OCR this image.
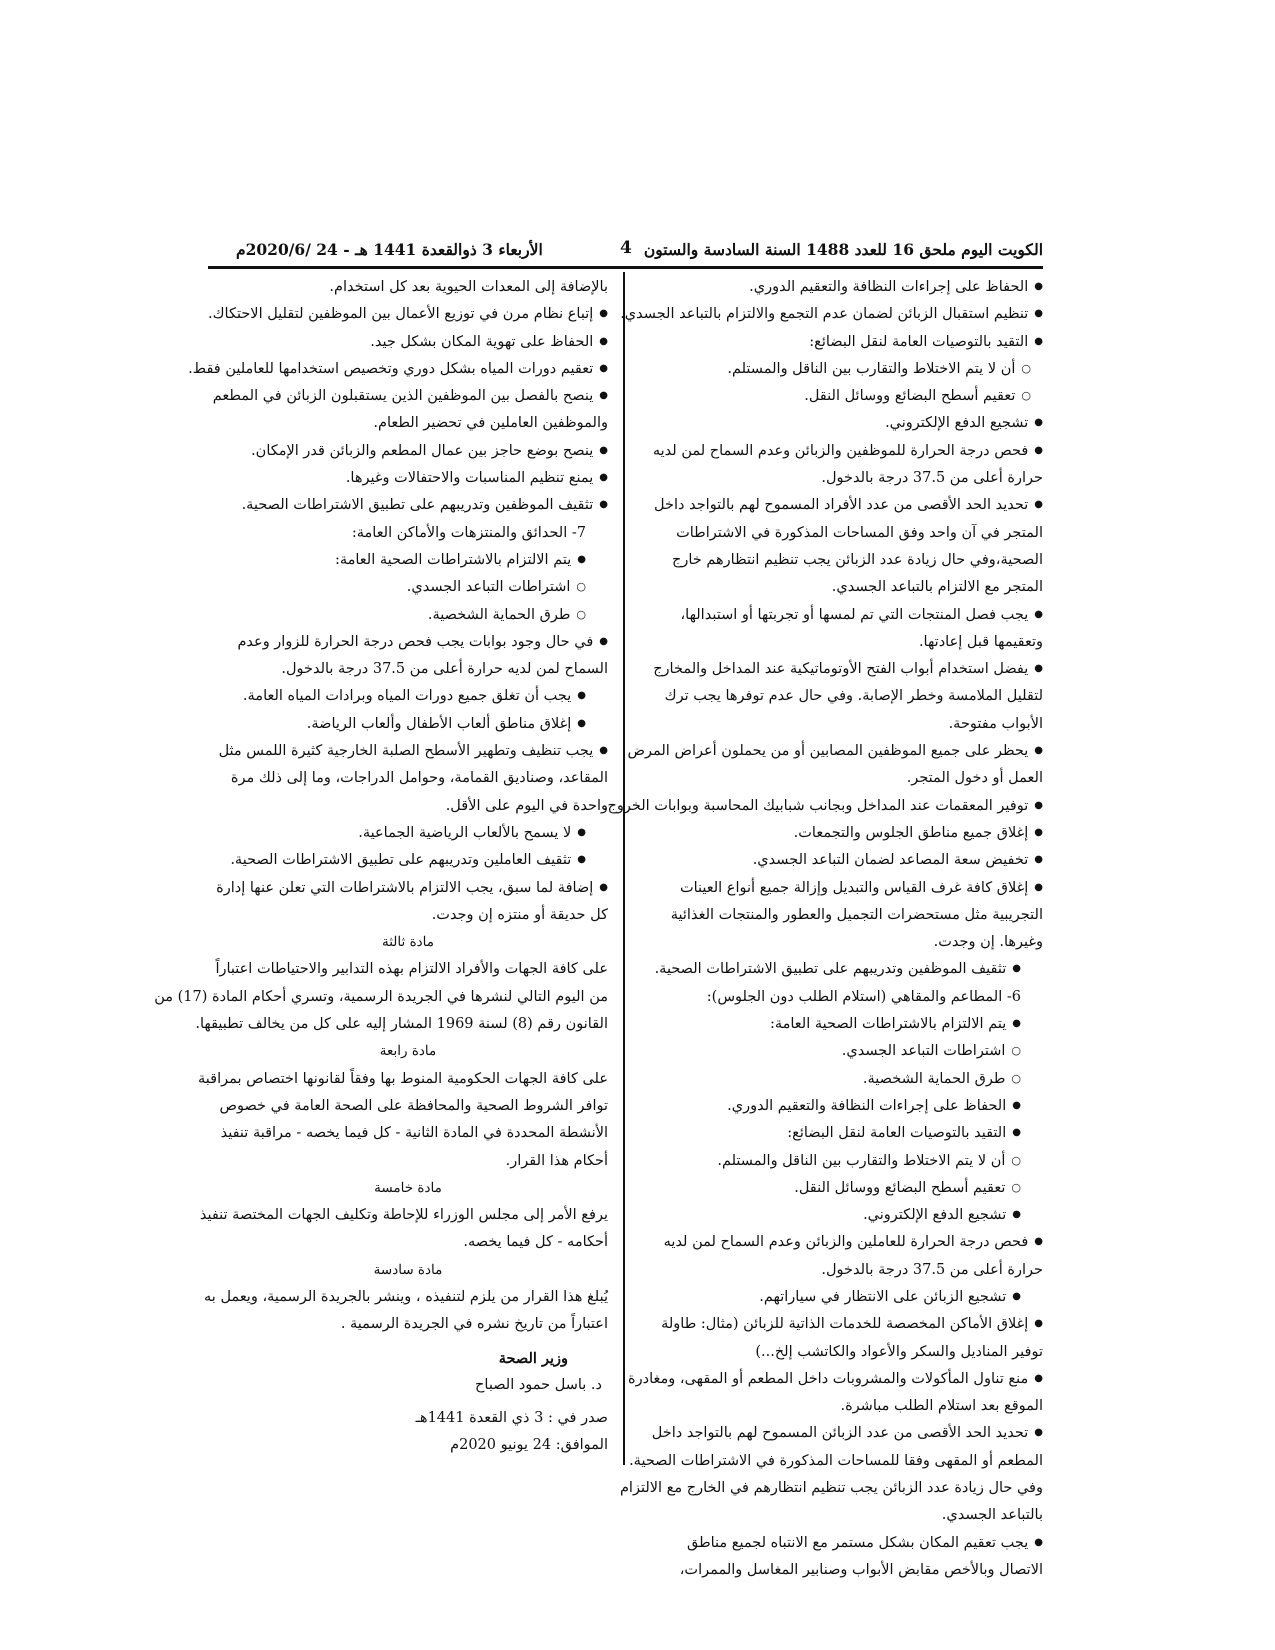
الكويت اليوم ملحق 16 للعدد 1488 السنة السادسة والستون
4
الأربعاء 3 ذوالقعدة 1441 هـ - 24 /2020/6م
● الحفاظ على إجراءات النظافة والتعقيم الدوري.
● تنظيم استقبال الزبائن لضمان عدم التجمع والالتزام بالتباعد الجسدي.
● التقيد بالتوصيات العامة لنقل البضائع:
○ أن لا يتم الاختلاط والتقارب بين الناقل والمستلم.
○ تعقيم أسطح البضائع ووسائل النقل.
● تشجيع الدفع الإلكتروني.
● فحص درجة الحرارة للموظفين والزبائن وعدم السماح لمن لديه
حرارة أعلى من 37.5 درجة بالدخول.
● تحديد الحد الأقصى من عدد الأفراد المسموح لهم بالتواجد داخل
المتجر في آن واحد وفق المساحات المذكورة في الاشتراطات
الصحية،وفي حال زيادة عدد الزبائن يجب تنظيم انتظارهم خارج
المتجر مع الالتزام بالتباعد الجسدي.
● يجب فصل المنتجات التي تم لمسها أو تجربتها أو استبدالها،
وتعقيمها قبل إعادتها.
● يفضل استخدام أبواب الفتح الأوتوماتيكية عند المداخل والمخارج
لتقليل الملامسة وخطر الإصابة. وفي حال عدم توفرها يجب ترك
الأبواب مفتوحة.
● يحظر على جميع الموظفين المصابين أو من يحملون أعراض المرض
العمل أو دخول المتجر.
● توفير المعقمات عند المداخل وبجانب شبابيك المحاسبة وبوابات الخروج.
● إغلاق جميع مناطق الجلوس والتجمعات.
● تخفيض سعة المصاعد لضمان التباعد الجسدي.
● إغلاق كافة غرف القياس والتبديل وإزالة جميع أنواع العينات
التجريبية مثل مستحضرات التجميل والعطور والمنتجات الغذائية
وغيرها. إن وجدت.
● تثقيف الموظفين وتدريبهم على تطبيق الاشتراطات الصحية.
6- المطاعم والمقاهي (استلام الطلب دون الجلوس):
● يتم الالتزام بالاشتراطات الصحية العامة:
○ اشتراطات التباعد الجسدي.
○ طرق الحماية الشخصية.
● الحفاظ على إجراءات النظافة والتعقيم الدوري.
● التقيد بالتوصيات العامة لنقل البضائع:
○ أن لا يتم الاختلاط والتقارب بين الناقل والمستلم.
○ تعقيم أسطح البضائع ووسائل النقل.
● تشجيع الدفع الإلكتروني.
● فحص درجة الحرارة للعاملين والزبائن وعدم السماح لمن لديه
حرارة أعلى من 37.5 درجة بالدخول.
● تشجيع الزبائن على الانتظار في سياراتهم.
● إغلاق الأماكن المخصصة للخدمات الذاتية للزبائن (مثال: طاولة
توفير المناديل والسكر والأعواد والكاتشب إلخ...)
● منع تناول المأكولات والمشروبات داخل المطعم أو المقهى، ومغادرة
الموقع بعد استلام الطلب مباشرة.
● تحديد الحد الأقصى من عدد الزبائن المسموح لهم بالتواجد داخل
المطعم أو المقهى وفقا للمساحات المذكورة في الاشتراطات الصحية.
وفي حال زيادة عدد الزبائن يجب تنظيم انتظارهم في الخارج مع الالتزام
بالتباعد الجسدي.
● يجب تعقيم المكان بشكل مستمر مع الانتباه لجميع مناطق
الاتصال وبالأخص مقابض الأبواب وصنابير المغاسل والممرات،
بالإضافة إلى المعدات الحيوية بعد كل استخدام.
● إتباع نظام مرن في توزيع الأعمال بين الموظفين لتقليل الاحتكاك.
● الحفاظ على تهوية المكان بشكل جيد.
● تعقيم دورات المياه بشكل دوري وتخصيص استخدامها للعاملين فقط.
● ينصح بالفصل بين الموظفين الذين يستقبلون الزبائن في المطعم
والموظفين العاملين في تحضير الطعام.
● ينصح بوضع حاجز بين عمال المطعم والزبائن قدر الإمكان.
● يمنع تنظيم المناسبات والاحتفالات وغيرها.
● تثقيف الموظفين وتدريبهم على تطبيق الاشتراطات الصحية.
7- الحدائق والمنتزهات والأماكن العامة:
● يتم الالتزام بالاشتراطات الصحية العامة:
○ اشتراطات التباعد الجسدي.
○ طرق الحماية الشخصية.
● في حال وجود بوابات يجب فحص درجة الحرارة للزوار وعدم
السماح لمن لديه حرارة أعلى من 37.5 درجة بالدخول.
● يجب أن تغلق جميع دورات المياه وبرادات المياه العامة.
● إغلاق مناطق ألعاب الأطفال وألعاب الرياضة.
● يجب تنظيف وتطهير الأسطح الصلبة الخارجية كثيرة اللمس مثل
المقاعد، وصناديق القمامة، وحوامل الدراجات، وما إلى ذلك مرة
واحدة في اليوم على الأقل.
● لا يسمح بالألعاب الرياضية الجماعية.
● تثقيف العاملين وتدريبهم على تطبيق الاشتراطات الصحية.
● إضافة لما سبق، يجب الالتزام بالاشتراطات التي تعلن عنها إدارة
كل حديقة أو منتزه إن وجدت.
مادة ثالثة
على كافة الجهات والأفراد الالتزام بهذه التدابير والاحتياطات اعتباراً
من اليوم التالي لنشرها في الجريدة الرسمية، وتسري أحكام المادة (17) من
القانون رقم (8) لسنة 1969 المشار إليه على كل من يخالف تطبيقها.
مادة رابعة
على كافة الجهات الحكومية المنوط بها وفقاً لقانونها اختصاص بمراقبة
توافر الشروط الصحية والمحافظة على الصحة العامة في خصوص
الأنشطة المحددة في المادة الثانية - كل فيما يخصه - مراقبة تنفيذ
أحكام هذا القرار.
مادة خامسة
يرفع الأمر إلى مجلس الوزراء للإحاطة وتكليف الجهات المختصة تنفيذ
أحكامه - كل فيما يخصه.
مادة سادسة
يُبلغ هذا القرار من يلزم لتنفيذه ، وينشر بالجريدة الرسمية، ويعمل به
اعتباراً من تاريخ نشره في الجريدة الرسمية .
وزير الصحة
د. باسل حمود الصباح
صدر في : 3 ذي القعدة 1441هـ
الموافق: 24 يونيو 2020م
